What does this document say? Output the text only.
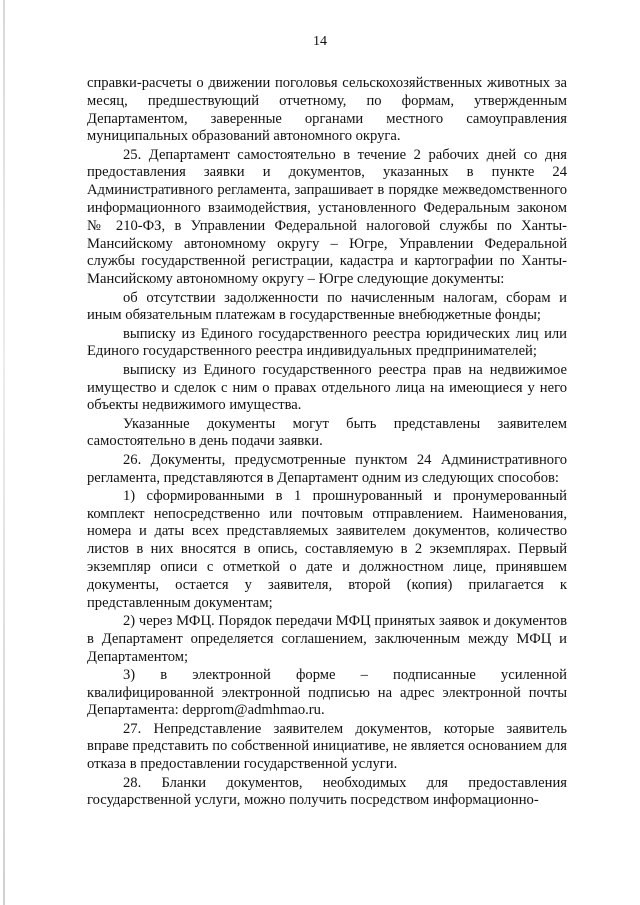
14

справки-расчеты о движении поголовья сельскохозяйственных животных за месяц, предшествующий отчетному, по формам, утвержденным Департаментом, заверенные органами местного самоуправления муниципальных образований автономного округа.

25. Департамент самостоятельно в течение 2 рабочих дней со дня предоставления заявки и документов, указанных в пункте 24 Административного регламента, запрашивает в порядке межведомственного информационного взаимодействия, установленного Федеральным законом № 210-ФЗ, в Управлении Федеральной налоговой службы по Ханты-Мансийскому автономному округу – Югре, Управлении Федеральной службы государственной регистрации, кадастра и картографии по Ханты-Мансийскому автономному округу – Югре следующие документы:

об отсутствии задолженности по начисленным налогам, сборам и иным обязательным платежам в государственные внебюджетные фонды;

выписку из Единого государственного реестра юридических лиц или Единого государственного реестра индивидуальных предпринимателей;

выписку из Единого государственного реестра прав на недвижимое имущество и сделок с ним о правах отдельного лица на имеющиеся у него объекты недвижимого имущества.

Указанные документы могут быть представлены заявителем самостоятельно в день подачи заявки.

26. Документы, предусмотренные пунктом 24 Административного регламента, представляются в Департамент одним из следующих способов:

1) сформированными в 1 прошнурованный и пронумерованный комплект непосредственно или почтовым отправлением. Наименования, номера и даты всех представляемых заявителем документов, количество листов в них вносятся в опись, составляемую в 2 экземплярах. Первый экземпляр описи с отметкой о дате и должностном лице, принявшем документы, остается у заявителя, второй (копия) прилагается к представленным документам;

2) через МФЦ. Порядок передачи МФЦ принятых заявок и документов в Департамент определяется соглашением, заключенным между МФЦ и Департаментом;

3) в электронной форме – подписанные усиленной квалифицированной электронной подписью на адрес электронной почты Департамента: depprom@admhmao.ru.

27. Непредставление заявителем документов, которые заявитель вправе представить по собственной инициативе, не является основанием для отказа в предоставлении государственной услуги.

28. Бланки документов, необходимых для предоставления государственной услуги, можно получить посредством информационно-
